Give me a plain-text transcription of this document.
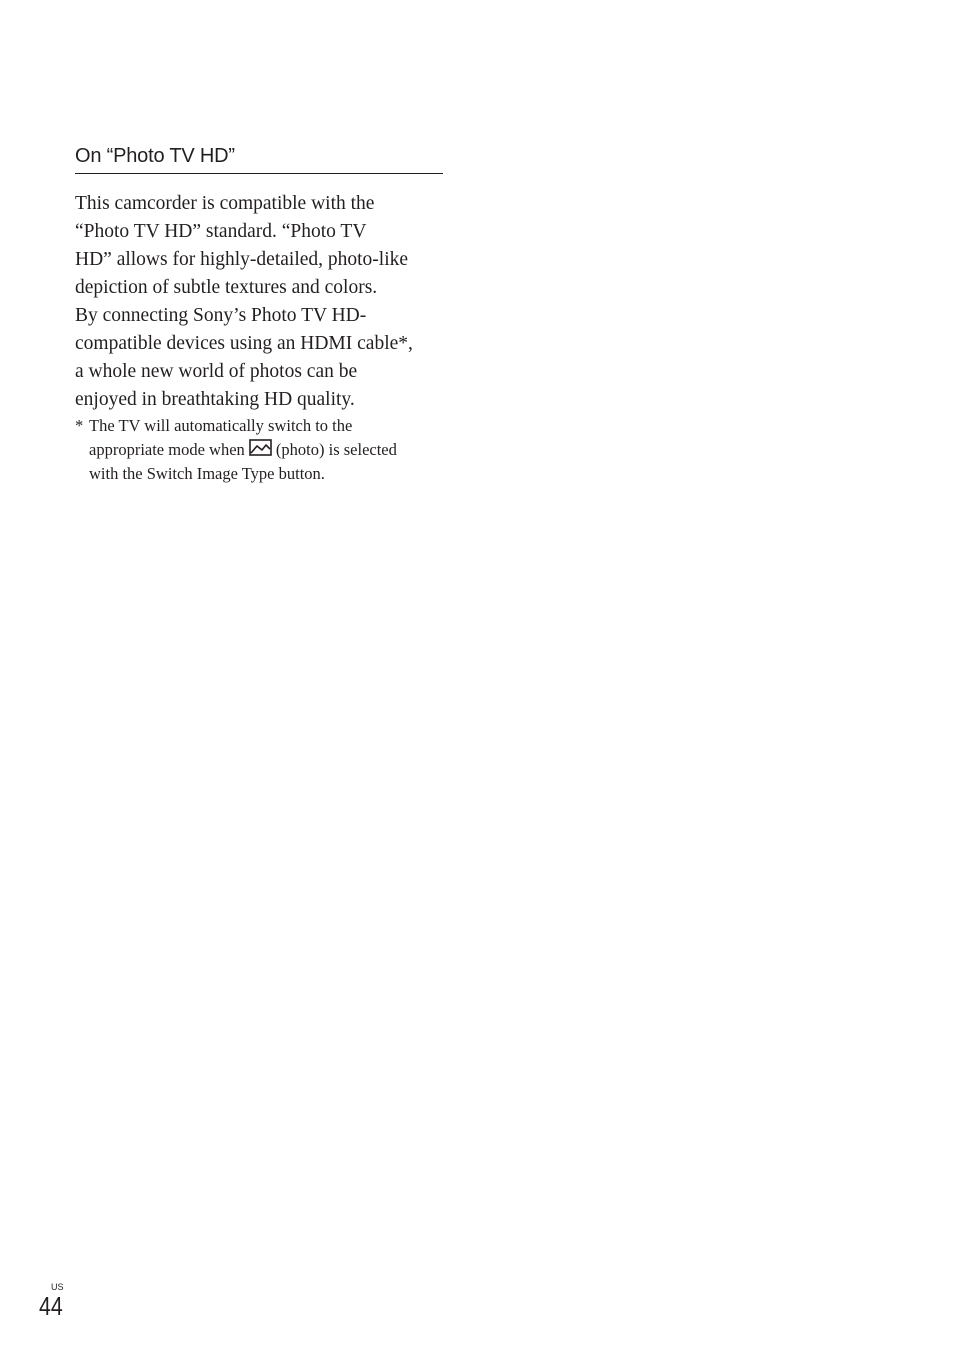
On “Photo TV HD”
This camcorder is compatible with the
“Photo TV HD” standard. “Photo TV
HD” allows for highly-detailed, photo-like
depiction of subtle textures and colors.
By connecting Sony’s Photo TV HD-
compatible devices using an HDMI cable*,
a whole new world of photos can be
enjoyed in breathtaking HD quality.
* The TV will automatically switch to the
appropriate mode when (photo) is selected
with the Switch Image Type button.
US
44
